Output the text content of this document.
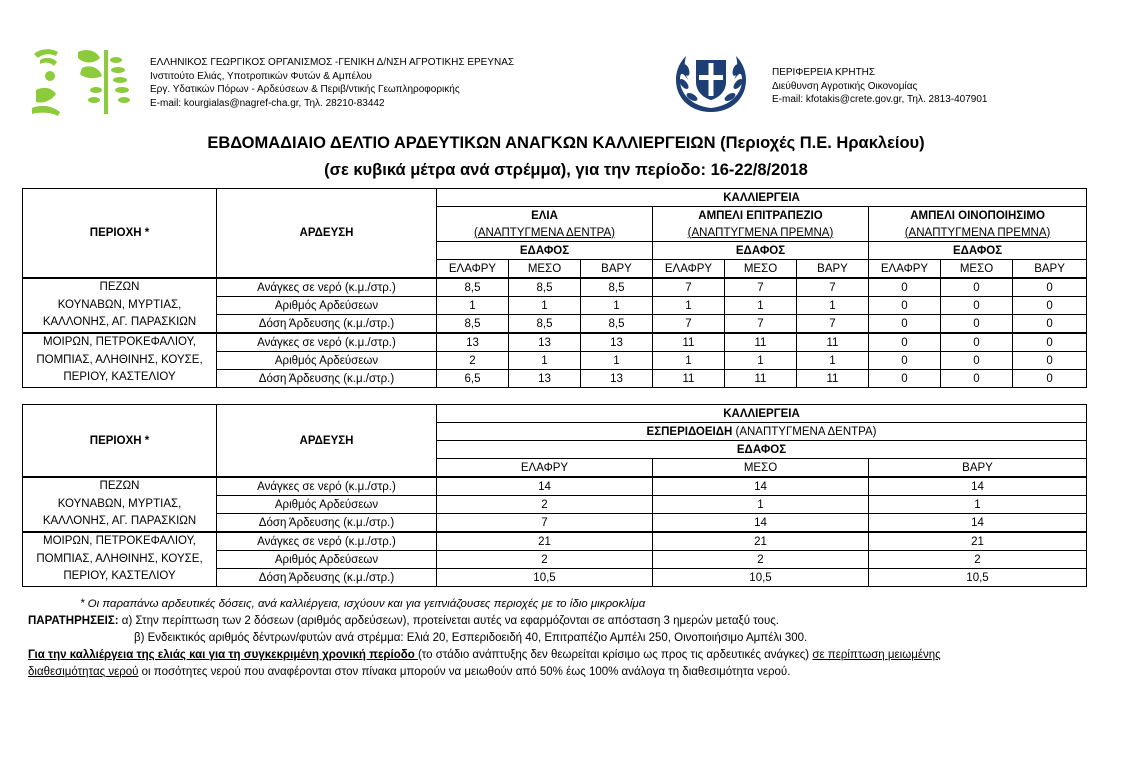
ΕΛΛΗΝΙΚΟΣ ΓΕΩΡΓΙΚΟΣ ΟΡΓΑΝΙΣΜΟΣ -ΓΕΝΙΚΗ Δ/ΝΣΗ ΑΓΡΟΤΙΚΗΣ ΕΡΕΥΝΑΣ
Ινστιτούτο Ελιάς, Υποτροπικών Φυτών & Αμπέλου
Εργ. Υδατικών Πόρων - Αρδεύσεων & Περιβ/ντικής Γεωπληροφορικής
E-mail: kourgialas@nagref-cha.gr, Τηλ. 28210-83442
ΠΕΡΙΦΕΡΕΙΑ ΚΡΗΤΗΣ
Διεύθυνση Αγροτικής Οικονομίας
E-mail: kfotakis@crete.gov.gr, Τηλ. 2813-407901
ΕΒΔΟΜΑΔΙΑΙΟ ΔΕΛΤΙΟ ΑΡΔΕΥΤΙΚΩΝ ΑΝΑΓΚΩΝ ΚΑΛΛΙΕΡΓΕΙΩΝ (Περιοχές Π.Ε. Ηρακλείου)
(σε κυβικά μέτρα ανά στρέμμα), για την περίοδο: 16-22/8/2018
ΠΕΡΙΟΧΗ *	ΑΡΔΕΥΣΗ	ΚΑΛΛΙΕΡΓΕΙΑ								
		ΕΛΙΑ			ΑΜΠΕΛΙ ΕΠΙΤΡΑΠΕΖΙΟ			ΑΜΠΕΛΙ ΟΙΝΟΠΟΙΗΣΙΜΟ		
		(ΑΝΑΠΤΥΓΜΕΝΑ ΔΕΝΤΡΑ)			(ΑΝΑΠΤΥΓΜΕΝΑ ΠΡΕΜΝΑ)			(ΑΝΑΠΤΥΓΜΕΝΑ ΠΡΕΜΝΑ)		
		ΕΔΑΦΟΣ			ΕΔΑΦΟΣ			ΕΔΑΦΟΣ		
		ΕΛΑΦΡΥ	ΜΕΣΟ	ΒΑΡΥ	ΕΛΑΦΡΥ	ΜΕΣΟ	ΒΑΡΥ	ΕΛΑΦΡΥ	ΜΕΣΟ	ΒΑΡΥ

ΠΕΖΩΝ
ΚΟΥΝΑΒΩΝ, ΜΥΡΤΙΑΣ,
ΚΑΛΛΟΝΗΣ, ΑΓ. ΠΑΡΑΣΚΙΩΝ	Ανάγκες σε νερό (κ.μ./στρ.)	8,5	8,5	8,5	7	7	7	0	0	0
	Αριθμός Αρδεύσεων	1	1	1	1	1	1	0	0	0
	Δόση Άρδευσης (κ.μ./στρ.)	8,5	8,5	8,5	7	7	7	0	0	0

ΜΟΙΡΩΝ, ΠΕΤΡΟΚΕΦΑΛΙΟΥ,
ΠΟΜΠΙΑΣ, ΑΛΗΘΙΝΗΣ, ΚΟΥΣΕ,
ΠΕΡΙΟΥ, ΚΑΣΤΕΛΙΟΥ	Ανάγκες σε νερό (κ.μ./στρ.)	13	13	13	11	11	11	0	0	0
	Αριθμός Αρδεύσεων	2	1	1	1	1	1	0	0	0
	Δόση Άρδευσης (κ.μ./στρ.)	6,5	13	13	11	11	11	0	0	0
ΠΕΡΙΟΧΗ *	ΑΡΔΕΥΣΗ	ΚΑΛΛΙΕΡΓΕΙΑ		
		ΕΣΠΕΡΙΔΟΕΙΔΗ (ΑΝΑΠΤΥΓΜΕΝΑ ΔΕΝΤΡΑ)		
		ΕΔΑΦΟΣ		
		ΕΛΑΦΡΥ	ΜΕΣΟ	ΒΑΡΥ

ΠΕΖΩΝ
ΚΟΥΝΑΒΩΝ, ΜΥΡΤΙΑΣ,
ΚΑΛΛΟΝΗΣ, ΑΓ. ΠΑΡΑΣΚΙΩΝ	Ανάγκες σε νερό (κ.μ./στρ.)	14	14	14
	Αριθμός Αρδεύσεων	2	1	1
	Δόση Άρδευσης (κ.μ./στρ.)	7	14	14

ΜΟΙΡΩΝ, ΠΕΤΡΟΚΕΦΑΛΙΟΥ,
ΠΟΜΠΙΑΣ, ΑΛΗΘΙΝΗΣ, ΚΟΥΣΕ,
ΠΕΡΙΟΥ, ΚΑΣΤΕΛΙΟΥ	Ανάγκες σε νερό (κ.μ./στρ.)	21	21	21
	Αριθμός Αρδεύσεων	2	2	2
	Δόση Άρδευσης (κ.μ./στρ.)	10,5	10,5	10,5
* Οι παραπάνω αρδευτικές δόσεις, ανά καλλιέργεια, ισχύουν και για γειτνιάζουσες περιοχές με το ίδιο μικροκλίμα
ΠΑΡΑΤΗΡΗΣΕΙΣ: α) Στην περίπτωση των 2 δόσεων (αριθμός αρδεύσεων), προτείνεται αυτές να εφαρμόζονται σε απόσταση 3 ημερών μεταξύ τους.
β) Ενδεικτικός αριθμός δέντρων/φυτών ανά στρέμμα: Ελιά 20, Εσπεριδοειδή 40, Επιτραπέζιο Αμπέλι 250, Οινοποιήσιμο Αμπέλι 300.
Για την καλλιέργεια της ελιάς και για τη συγκεκριμένη χρονική περίοδο (το στάδιο ανάπτυξης δεν θεωρείται κρίσιμο ως προς τις αρδευτικές ανάγκες) σε περίπτωση μειωμένης
διαθεσιμότητας νερού οι ποσότητες νερού που αναφέρονται στον πίνακα μπορούν να μειωθούν από 50% έως 100% ανάλογα τη διαθεσιμότητα νερού.
